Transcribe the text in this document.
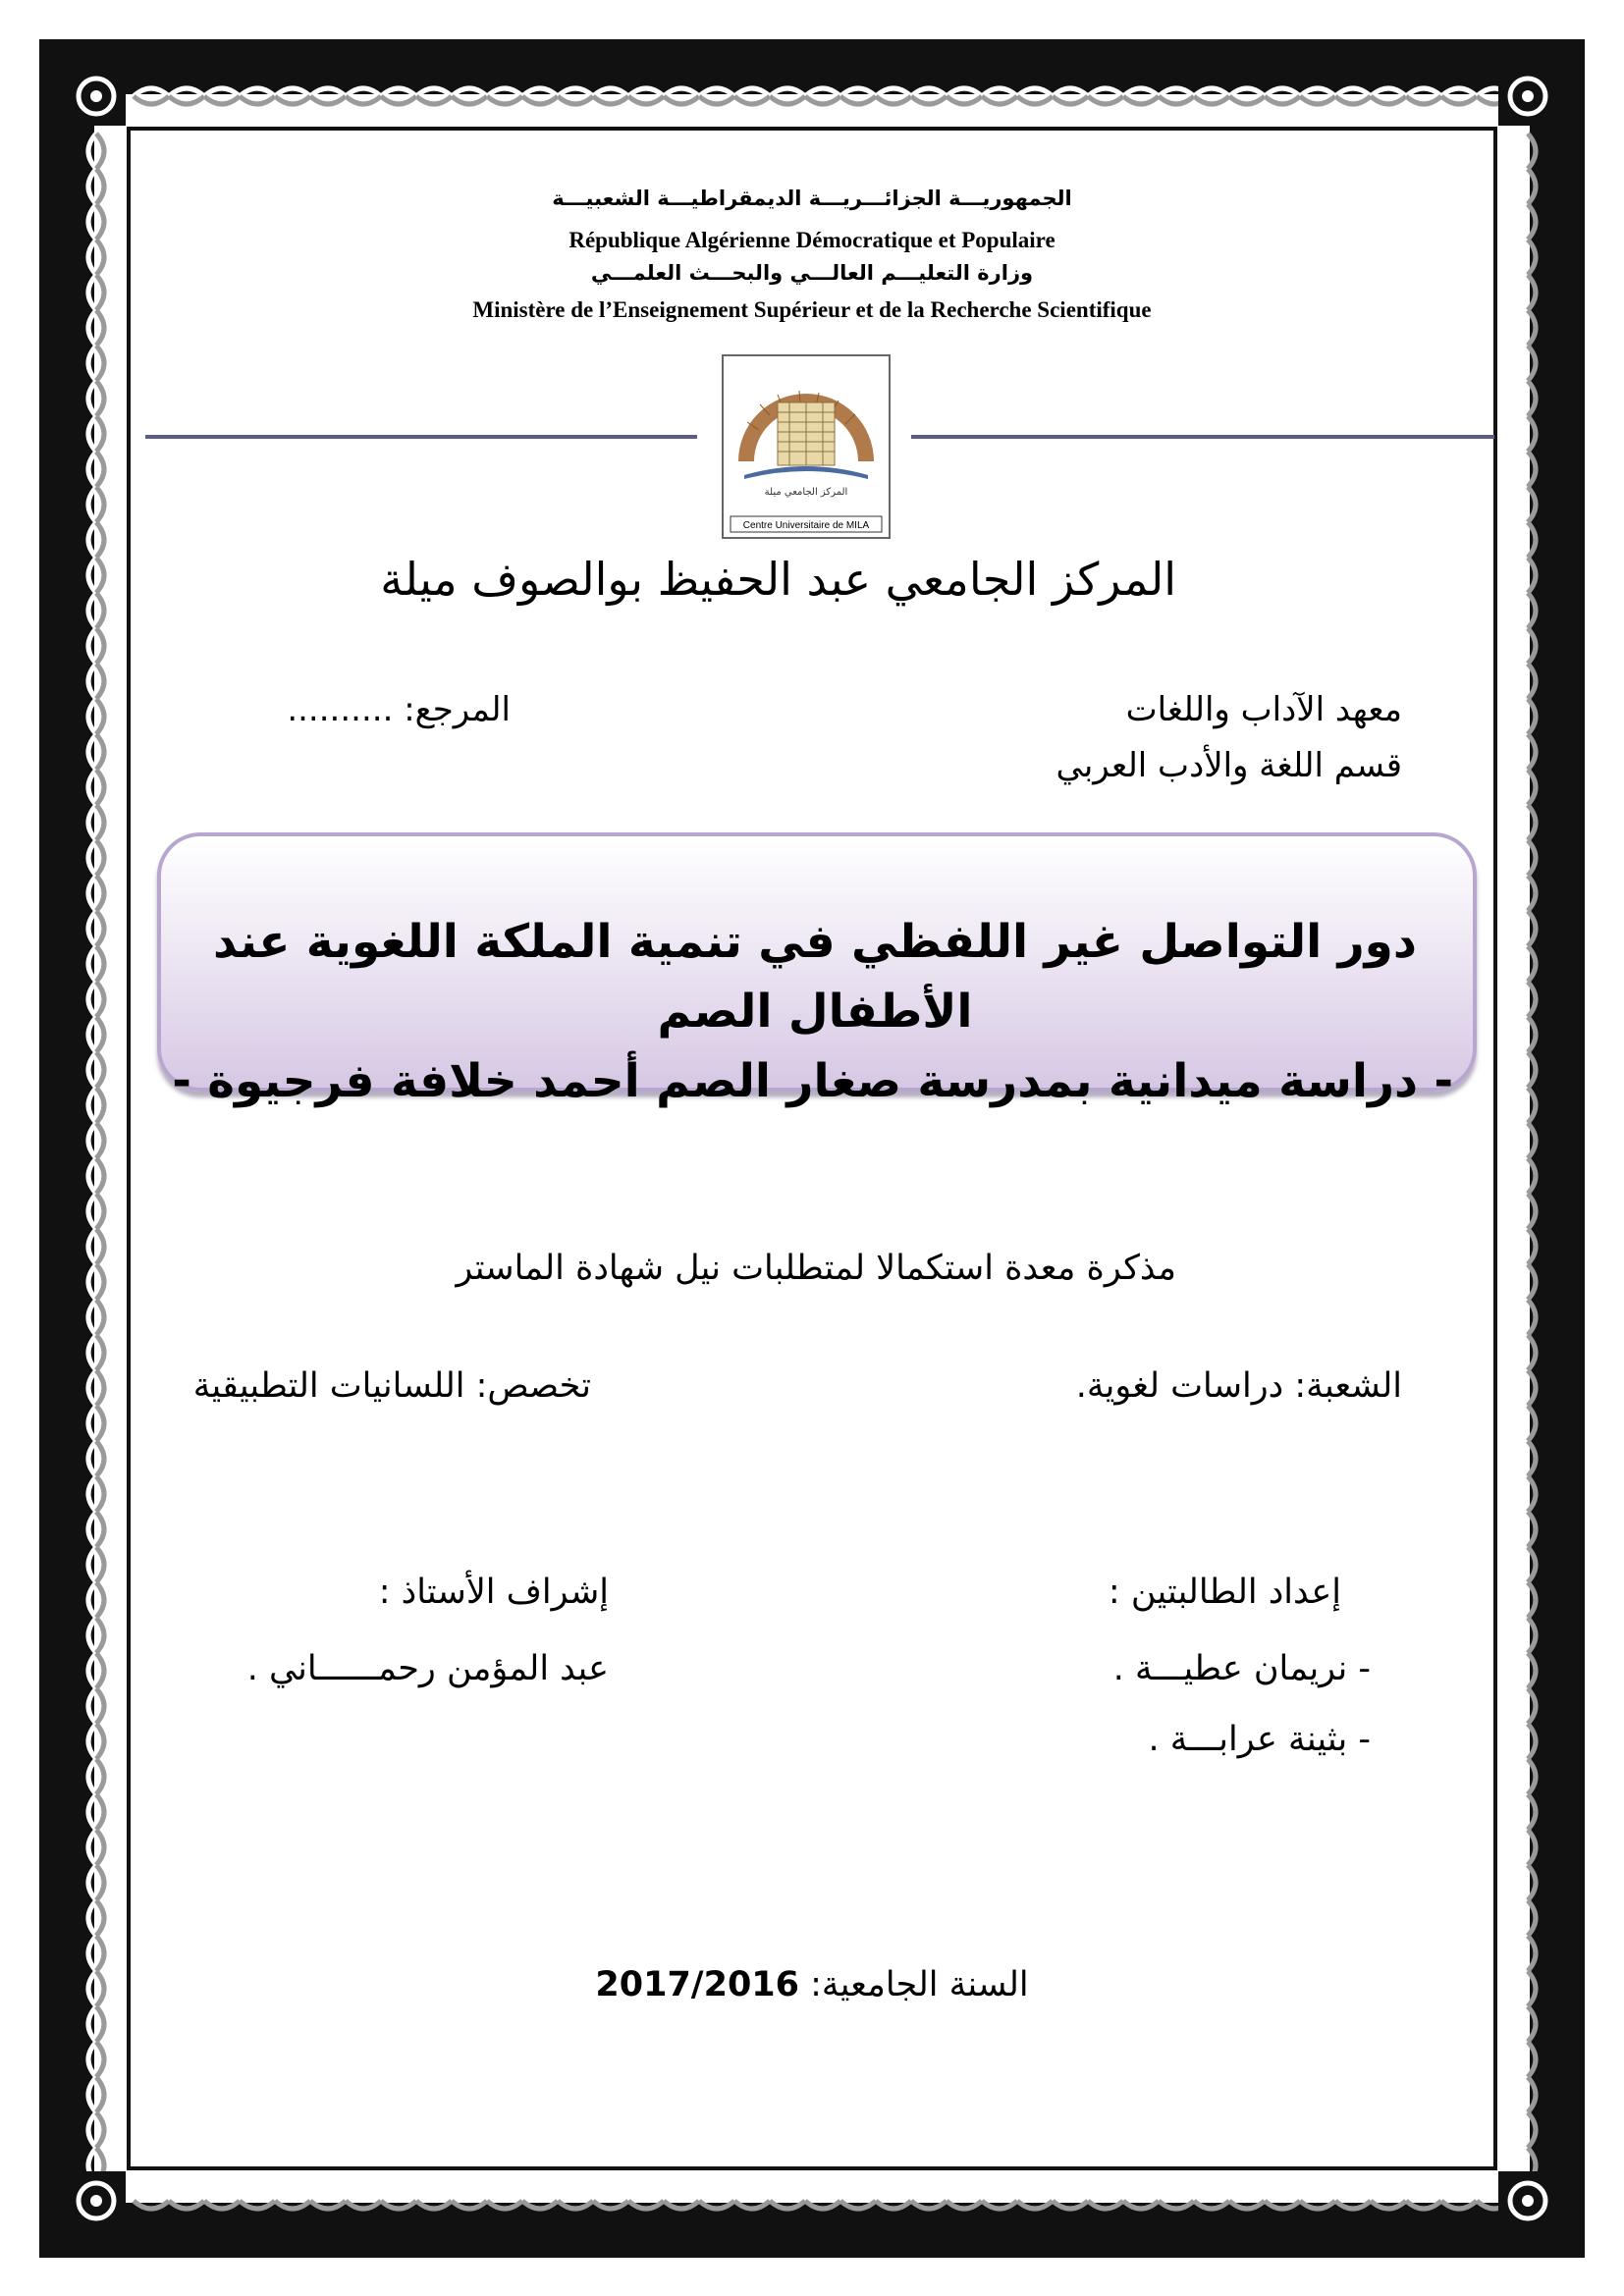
الجمهوريـــة الجزائـــريـــة الديمقراطيـــة الشعبيـــة
République Algérienne Démocratique et Populaire
وزارة التعليـــم العالـــي والبحـــث العلمـــي
Ministère de l’Enseignement Supérieur et de la Recherche Scientifique
المركز الجامعي ميلة
Centre Universitaire de MILA
المركز الجامعي عبد الحفيظ بوالصوف ميلة
معهد الآداب واللغات
قسم اللغة والأدب العربي
المرجع: ..........
دور التواصل غير اللفظي في تنمية الملكة اللغوية عند
الأطفال الصم
- دراسة ميدانية بمدرسة صغار الصم أحمد خلافة فرجيوة -
مذكرة معدة استكمالا لمتطلبات نيل شهادة الماستر
الشعبة: دراسات لغوية.
تخصص: اللسانيات التطبيقية
إعداد الطالبتين :
- نريمان عطيـــة .
- بثينة عرابـــة .
إشراف الأستاذ :
عبد المؤمن رحمــــــاني .
السنة الجامعية: 2017/2016
